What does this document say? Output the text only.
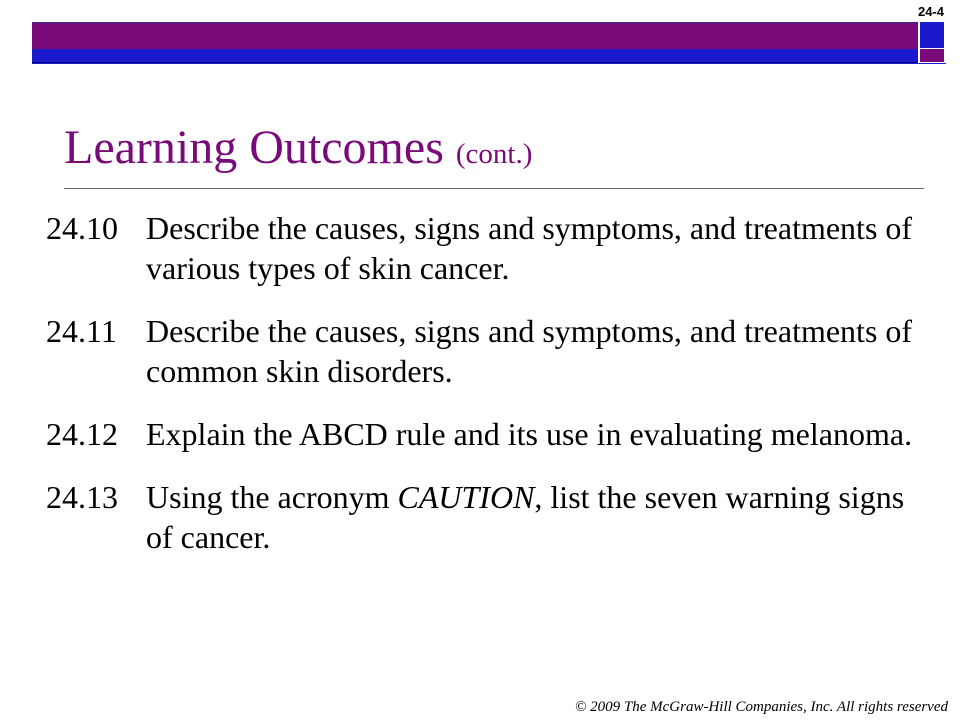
24-4
Learning Outcomes (cont.)
24.10 Describe the causes, signs and symptoms, and treatments of various types of skin cancer.
24.11 Describe the causes, signs and symptoms, and treatments of common skin disorders.
24.12 Explain the ABCD rule and its use in evaluating melanoma.
24.13 Using the acronym CAUTION, list the seven warning signs of cancer.
© 2009 The McGraw-Hill Companies, Inc. All rights reserved
